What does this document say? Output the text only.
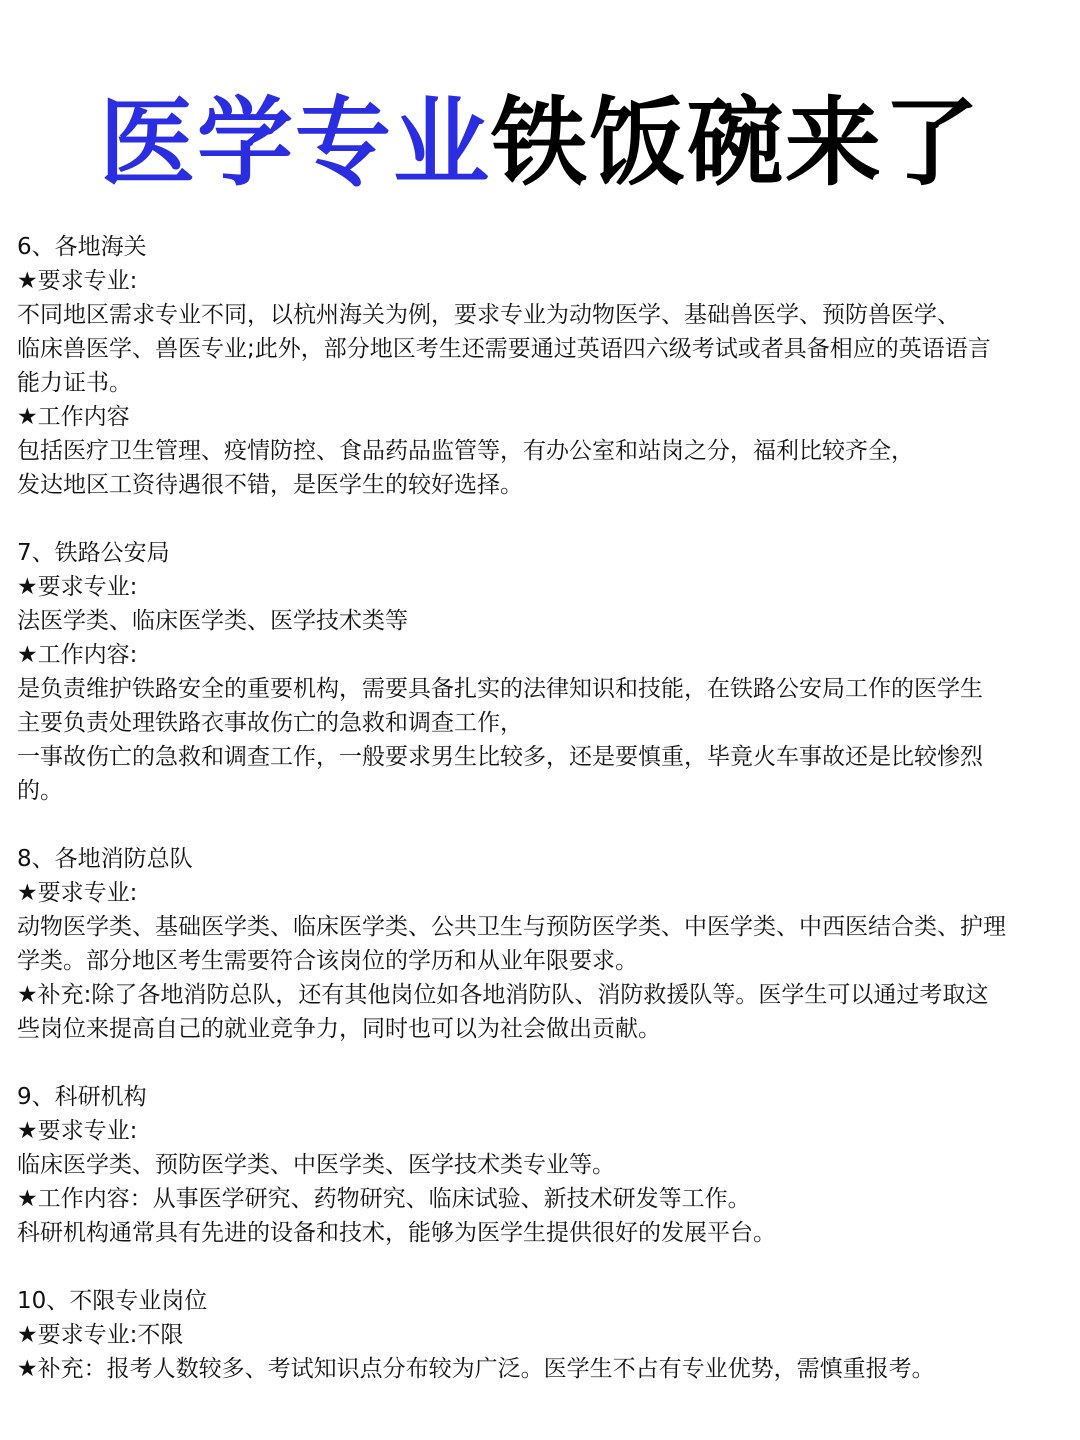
医学专业铁饭碗来了
6、各地海关
★要求专业:
不同地区需求专业不同，以杭州海关为例，要求专业为动物医学、基础兽医学、预防兽医学、
临床兽医学、兽医专业;此外，部分地区考生还需要通过英语四六级考试或者具备相应的英语语言
能力证书。
★工作内容
包括医疗卫生管理、疫情防控、食品药品监管等，有办公室和站岗之分，福利比较齐全，
发达地区工资待遇很不错，是医学生的较好选择。
7、铁路公安局
★要求专业:
法医学类、临床医学类、医学技术类等
★工作内容:
是负责维护铁路安全的重要机构，需要具备扎实的法律知识和技能，在铁路公安局工作的医学生
主要负责处理铁路衣事故伤亡的急救和调查工作，
一事故伤亡的急救和调查工作，一般要求男生比较多，还是要慎重，毕竟火车事故还是比较惨烈
的。
8、各地消防总队
★要求专业:
动物医学类、基础医学类、临床医学类、公共卫生与预防医学类、中医学类、中西医结合类、护理
学类。部分地区考生需要符合该岗位的学历和从业年限要求。
★补充:除了各地消防总队，还有其他岗位如各地消防队、消防救援队等。医学生可以通过考取这
些岗位来提高自己的就业竞争力，同时也可以为社会做出贡献。
9、科研机构
★要求专业:
临床医学类、预防医学类、中医学类、医学技术类专业等。
★工作内容：从事医学研究、药物研究、临床试验、新技术研发等工作。
科研机构通常具有先进的设备和技术，能够为医学生提供很好的发展平台。
10、不限专业岗位
★要求专业:不限
★补充：报考人数较多、考试知识点分布较为广泛。医学生不占有专业优势，需慎重报考。
